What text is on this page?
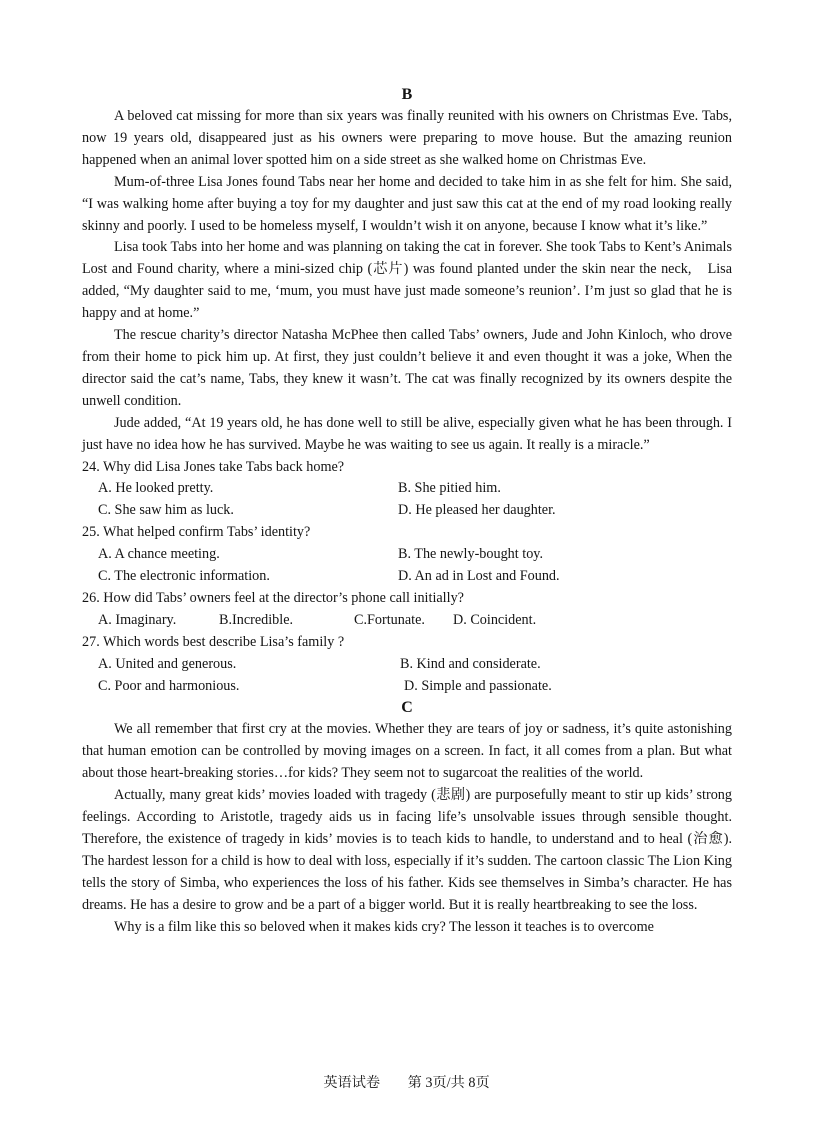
B

A beloved cat missing for more than six years was finally reunited with his owners on Christmas Eve. Tabs, now 19 years old, disappeared just as his owners were preparing to move house. But the amazing reunion happened when an animal lover spotted him on a side street as she walked home on Christmas Eve.

Mum-of-three Lisa Jones found Tabs near her home and decided to take him in as she felt for him. She said, “I was walking home after buying a toy for my daughter and just saw this cat at the end of my road looking really skinny and poorly. I used to be homeless myself, I wouldn’t wish it on anyone, because I know what it’s like.”

Lisa took Tabs into her home and was planning on taking the cat in forever. She took Tabs to Kent’s Animals Lost and Found charity, where a mini-sized chip (芯片) was found planted under the skin near the neck,　Lisa added, “My daughter said to me, ‘mum, you must have just made someone’s reunion’. I’m just so glad that he is happy and at home.”

The rescue charity’s director Natasha McPhee then called Tabs’ owners, Jude and John Kinloch, who drove from their home to pick him up. At first, they just couldn’t believe it and even thought it was a joke, When the director said the cat’s name, Tabs, they knew it wasn’t. The cat was finally recognized by its owners despite the unwell condition.

Jude added, “At 19 years old, he has done well to still be alive, especially given what he has been through. I just have no idea how he has survived. Maybe he was waiting to see us again. It really is a miracle.”

24. Why did Lisa Jones take Tabs back home?

A. He looked pretty.	B. She pitied him.
C. She saw him as luck.	D. He pleased her daughter.

25. What helped confirm Tabs’ identity?

A. A chance meeting.	B. The newly-bought toy.
C. The electronic information.	D. An ad in Lost and Found.

26. How did Tabs’ owners feel at the director’s phone call initially?

A. Imaginary.	B.Incredible.	C.Fortunate.	D. Coincident.

27. Which words best describe Lisa’s family ?

A. United and generous.	B. Kind and considerate.
C. Poor and harmonious.	D. Simple and passionate.
C

We all remember that first cry at the movies. Whether they are tears of joy or sadness, it’s quite astonishing that human emotion can be controlled by moving images on a screen. In fact, it all comes from a plan. But what about those heart-breaking stories…for kids? They seem not to sugarcoat the realities of the world.

Actually, many great kids’ movies loaded with tragedy (悲剧) are purposefully meant to stir up kids’ strong feelings. According to Aristotle, tragedy aids us in facing life’s unsolvable issues through sensible thought. Therefore, the existence of tragedy in kids’ movies is to teach kids to handle, to understand and to heal (治愈). The hardest lesson for a child is how to deal with loss, especially if it’s sudden. The cartoon classic The Lion King tells the story of Simba, who experiences the loss of his father. Kids see themselves in Simba’s character. He has dreams. He has a desire to grow and be a part of a bigger world. But it is really heartbreaking to see the loss.

Why is a film like this so beloved when it makes kids cry? The lesson it teaches is to overcome

英语试卷 第 3页/共 8页
